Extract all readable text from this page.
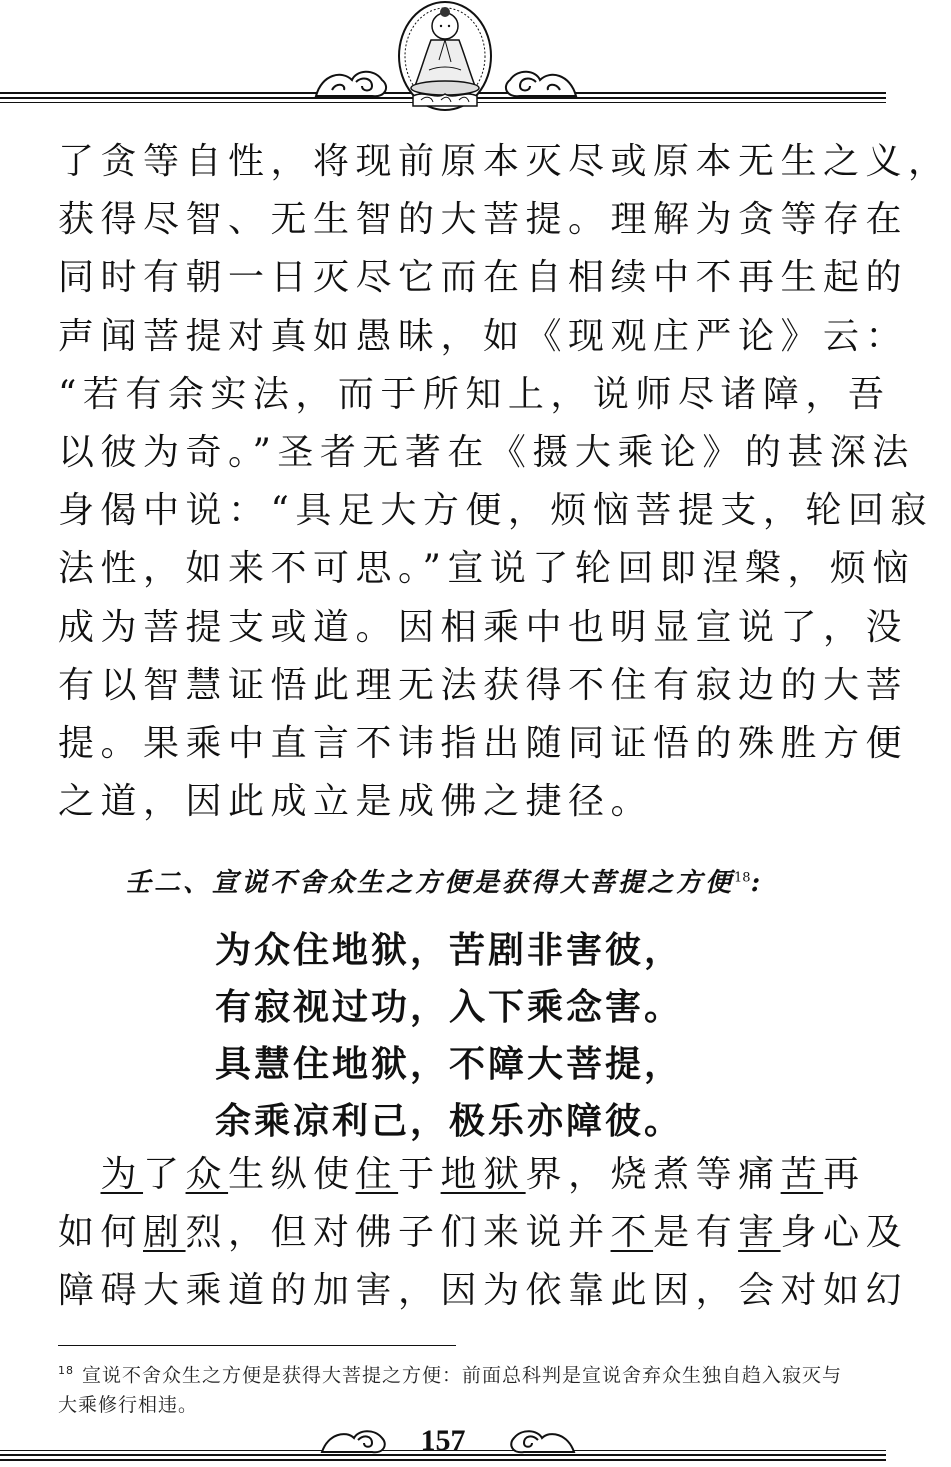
了贪等自性，将现前原本灭尽或原本无生之义，
获得尽智、无生智的大菩提。理解为贪等存在
同时有朝一日灭尽它而在自相续中不再生起的
声闻菩提对真如愚昧，如《现观庄严论》云：
“若有余实法，而于所知上，说师尽诸障，吾
以彼为奇。”圣者无著在《摄大乘论》的甚深法
身偈中说：“具足大方便，烦恼菩提支，轮回寂
法性，如来不可思。”宣说了轮回即涅槃，烦恼
成为菩提支或道。因相乘中也明显宣说了，没
有以智慧证悟此理无法获得不住有寂边的大菩
提。果乘中直言不讳指出随同证悟的殊胜方便
之道，因此成立是成佛之捷径。
壬二、宣说不舍众生之方便是获得大菩提之方便$^{18}$:
为众住地狱，苦剧非害彼，
有寂视过功，入下乘念害。
具慧住地狱，不障大菩提，
余乘凉利己，极乐亦障彼。
　为了众生纵使住于地狱界，烧煮等痛苦再
如何剧烈，但对佛子们来说并不是有害身心及
障碍大乘道的加害，因为依靠此因，会对如幻
$^{18}$ 宣说不舍众生之方便是获得大菩提之方便：前面总科判是宣说舍弃众生独自趋入寂灭与大乘修行相违。
157
